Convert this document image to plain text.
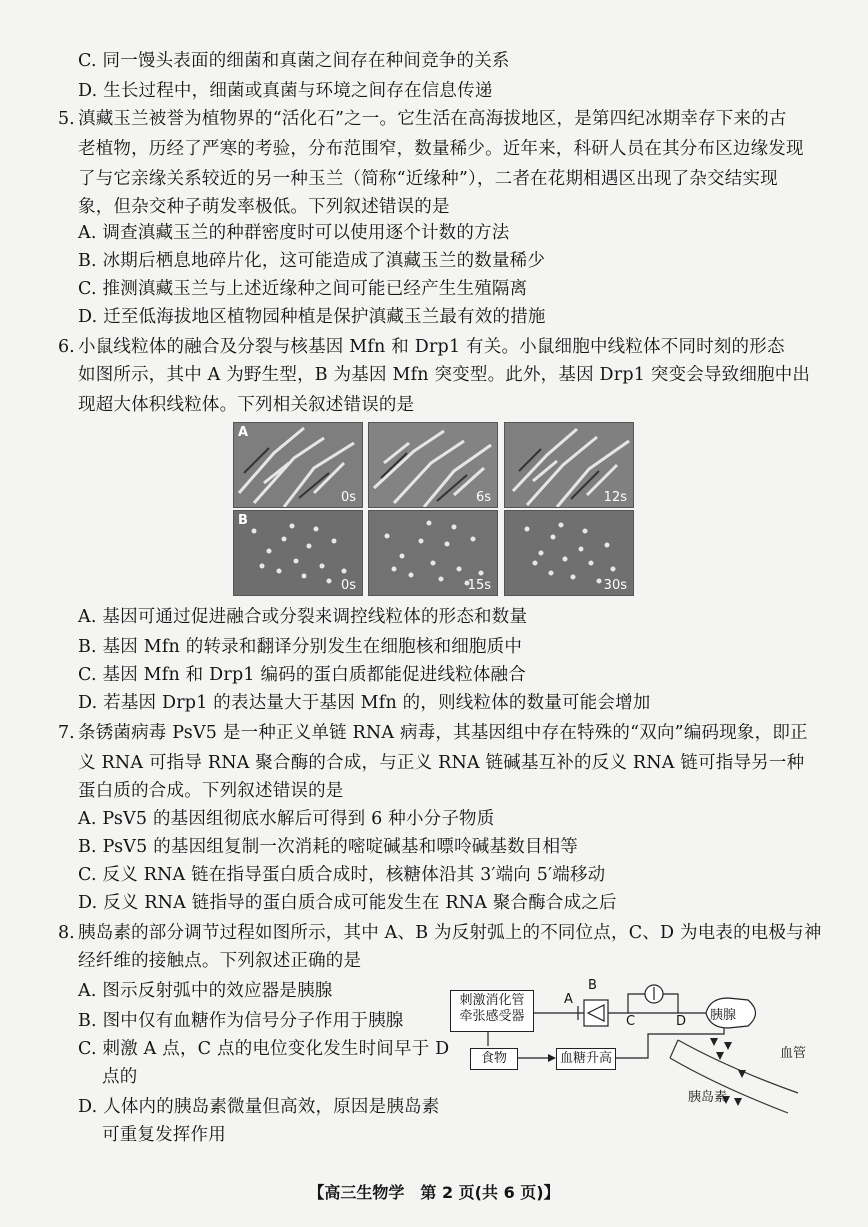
C. 同一馒头表面的细菌和真菌之间存在种间竞争的关系
D. 生长过程中，细菌或真菌与环境之间存在信息传递
5. 滇藏玉兰被誉为植物界的“活化石”之一。它生活在高海拔地区，是第四纪冰期幸存下来的古
老植物，历经了严寒的考验，分布范围窄，数量稀少。近年来，科研人员在其分布区边缘发现
了与它亲缘关系较近的另一种玉兰（简称“近缘种”），二者在花期相遇区出现了杂交结实现
象，但杂交种子萌发率极低。下列叙述错误的是
A. 调查滇藏玉兰的种群密度时可以使用逐个计数的方法
B. 冰期后栖息地碎片化，这可能造成了滇藏玉兰的数量稀少
C. 推测滇藏玉兰与上述近缘种之间可能已经产生生殖隔离
D. 迁至低海拔地区植物园种植是保护滇藏玉兰最有效的措施
6. 小鼠线粒体的融合及分裂与核基因 Mfn 和 Drp1 有关。小鼠细胞中线粒体不同时刻的形态
如图所示，其中 A 为野生型，B 为基因 Mfn 突变型。此外，基因 Drp1 突变会导致细胞中出
现超大体积线粒体。下列相关叙述错误的是
A
0s	6s	12s
B
0s	15s	30s
A. 基因可通过促进融合或分裂来调控线粒体的形态和数量
B. 基因 Mfn 的转录和翻译分别发生在细胞核和细胞质中
C. 基因 Mfn 和 Drp1 编码的蛋白质都能促进线粒体融合
D. 若基因 Drp1 的表达量大于基因 Mfn 的，则线粒体的数量可能会增加
7. 条锈菌病毒 PsV5 是一种正义单链 RNA 病毒，其基因组中存在特殊的“双向”编码现象，即正
义 RNA 可指导 RNA 聚合酶的合成，与正义 RNA 链碱基互补的反义 RNA 链可指导另一种
蛋白质的合成。下列叙述错误的是
A. PsV5 的基因组彻底水解后可得到 6 种小分子物质
B. PsV5 的基因组复制一次消耗的嘧啶碱基和嘌呤碱基数目相等
C. 反义 RNA 链在指导蛋白质合成时，核糖体沿其 3′端向 5′端移动
D. 反义 RNA 链指导的蛋白质合成可能发生在 RNA 聚合酶合成之后
8. 胰岛素的部分调节过程如图所示，其中 A、B 为反射弧上的不同位点，C、D 为电表的电极与神
经纤维的接触点。下列叙述正确的是
A. 图示反射弧中的效应器是胰腺
B. 图中仅有血糖作为信号分子作用于胰腺
C. 刺激 A 点，C 点的电位变化发生时间早于 D
点的
D. 人体内的胰岛素微量但高效，原因是胰岛素
可重复发挥作用
刺激消化管
牵张感受器
食物	血糖升高
胰腺
血管
胰岛素
A
B
C	D
【高三生物学　第 2 页(共 6 页)】
